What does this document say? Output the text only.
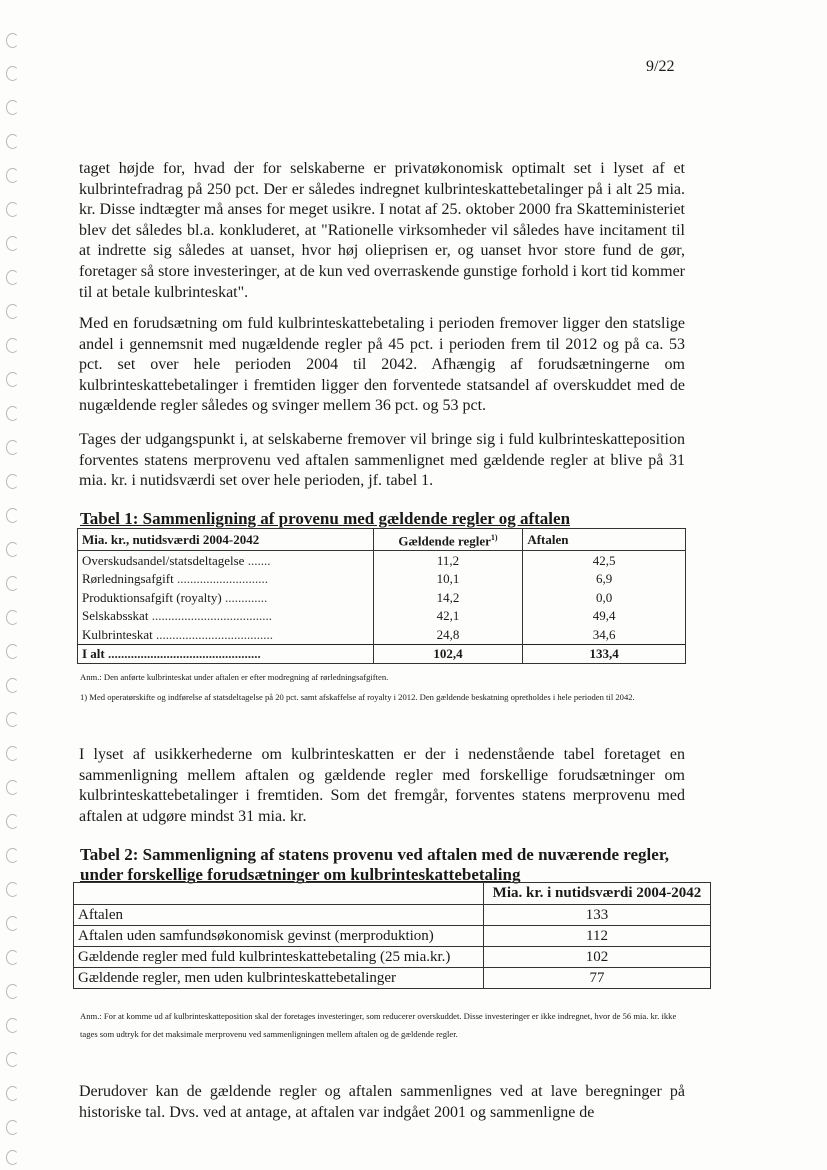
9/22

taget højde for, hvad der for selskaberne er privatøkonomisk optimalt set i lyset af et kulbrintefradrag på 250 pct. Der er således indregnet kulbrinteskattebetalinger på i alt 25 mia. kr. Disse indtægter må anses for meget usikre. I notat af 25. oktober 2000 fra Skatteministeriet blev det således bl.a. konkluderet, at "Rationelle virksomheder vil således have incitament til at indrette sig således at uanset, hvor høj olieprisen er, og uanset hvor store fund de gør, foretager så store investeringer, at de kun ved overraskende gunstige forhold i kort tid kommer til at betale kulbrinteskat".

Med en forudsætning om fuld kulbrinteskattebetaling i perioden fremover ligger den statslige andel i gennemsnit med nugældende regler på 45 pct. i perioden frem til 2012 og på ca. 53 pct. set over hele perioden 2004 til 2042. Afhængig af forudsætningerne om kulbrinteskattebetalinger i fremtiden ligger den forventede statsandel af overskuddet med de nugældende regler således og svinger mellem 36 pct. og 53 pct.

Tages der udgangspunkt i, at selskaberne fremover vil bringe sig i fuld kulbrinteskatteposition forventes statens merprovenu ved aftalen sammenlignet med gældende regler at blive på 31 mia. kr. i nutidsværdi set over hele perioden, jf. tabel 1.

Tabel 1: Sammenligning af provenu med gældende regler og aftalen

Mia. kr., nutidsværdi 2004-2042	Gældende regler$^{1)}$	Aftalen
Overskudsandel/statsdeltagelse .......	11,2	42,5
Rørledningsafgift ............................	10,1	6,9
Produktionsafgift (royalty) .............	14,2	0,0
Selskabsskat .....................................	42,1	49,4
Kulbrinteskat ....................................	24,8	34,6
I alt ...............................................	102,4	133,4

Anm.: Den anførte kulbrinteskat under aftalen er efter modregning af rørledningsafgiften.

1) Med operatørskifte og indførelse af statsdeltagelse på 20 pct. samt afskaffelse af royalty i 2012. Den gældende beskatning opretholdes i hele perioden til 2042.

I lyset af usikkerhederne om kulbrinteskatten er der i nedenstående tabel foretaget en sammenligning mellem aftalen og gældende regler med forskellige forudsætninger om kulbrinteskattebetalinger i fremtiden. Som det fremgår, forventes statens merprovenu med aftalen at udgøre mindst 31 mia. kr.

Tabel 2: Sammenligning af statens provenu ved aftalen med de nuværende regler,
under forskellige forudsætninger om kulbrinteskattebetaling

	Mia. kr. i nutidsværdi 2004-2042
Aftalen	133
Aftalen uden samfundsøkonomisk gevinst (merproduktion)	112
Gældende regler med fuld kulbrinteskattebetaling (25 mia.kr.)	102
Gældende regler, men uden kulbrinteskattebetalinger	77

Anm.: For at komme ud af kulbrinteskatteposition skal der foretages investeringer, som reducerer overskuddet. Disse investeringer er ikke indregnet, hvor de 56 mia. kr. ikke tages som udtryk for det maksimale merprovenu ved sammenligningen mellem aftalen og de gældende regler.

Derudover kan de gældende regler og aftalen sammenlignes ved at lave beregninger på historiske tal. Dvs. ved at antage, at aftalen var indgået 2001 og sammenligne de
